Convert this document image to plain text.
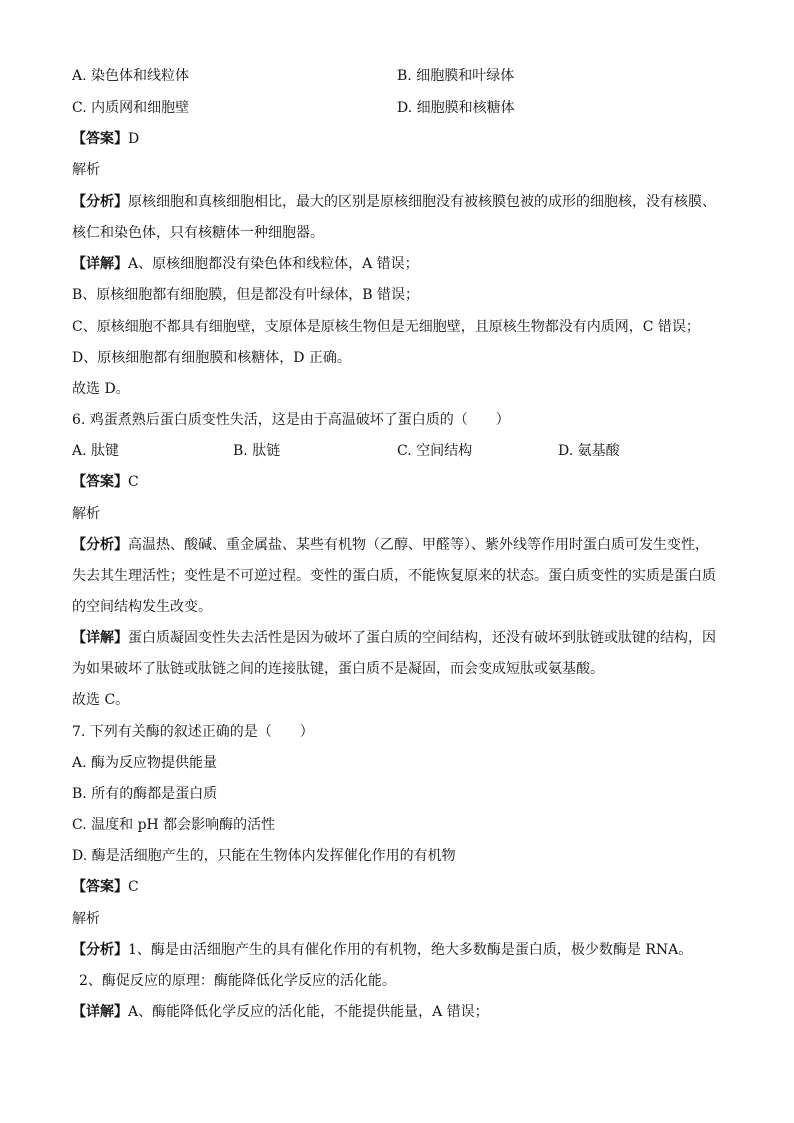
A. 染色体和线粒体	B. 细胞膜和叶绿体
C. 内质网和细胞壁	D. 细胞膜和核糖体
【答案】D
解析
【分析】原核细胞和真核细胞相比，最大的区别是原核细胞没有被核膜包被的成形的细胞核，没有核膜、
核仁和染色体，只有核糖体一种细胞器。
【详解】A、原核细胞都没有染色体和线粒体，A 错误；
B、原核细胞都有细胞膜，但是都没有叶绿体，B 错误；
C、原核细胞不都具有细胞壁，支原体是原核生物但是无细胞壁，且原核生物都没有内质网，C 错误；
D、原核细胞都有细胞膜和核糖体，D 正确。
故选 D。
6. 鸡蛋煮熟后蛋白质变性失活，这是由于高温破坏了蛋白质的（　　）
A. 肽键	B. 肽链	C. 空间结构	D. 氨基酸
【答案】C
解析
【分析】高温热、酸碱、重金属盐、某些有机物（乙醇、甲醛等）、紫外线等作用时蛋白质可发生变性，
失去其生理活性；变性是不可逆过程。变性的蛋白质，不能恢复原来的状态。蛋白质变性的实质是蛋白质
的空间结构发生改变。
【详解】蛋白质凝固变性失去活性是因为破坏了蛋白质的空间结构，还没有破坏到肽链或肽键的结构，因
为如果破坏了肽链或肽链之间的连接肽键，蛋白质不是凝固，而会变成短肽或氨基酸。
故选 C。
7. 下列有关酶的叙述正确的是（　　）
A. 酶为反应物提供能量
B. 所有的酶都是蛋白质
C. 温度和 pH 都会影响酶的活性
D. 酶是活细胞产生的，只能在生物体内发挥催化作用的有机物
【答案】C
解析
【分析】1、酶是由活细胞产生的具有催化作用的有机物，绝大多数酶是蛋白质，极少数酶是 RNA。
2、酶促反应的原理：酶能降低化学反应的活化能。
【详解】A、酶能降低化学反应的活化能，不能提供能量，A 错误；
